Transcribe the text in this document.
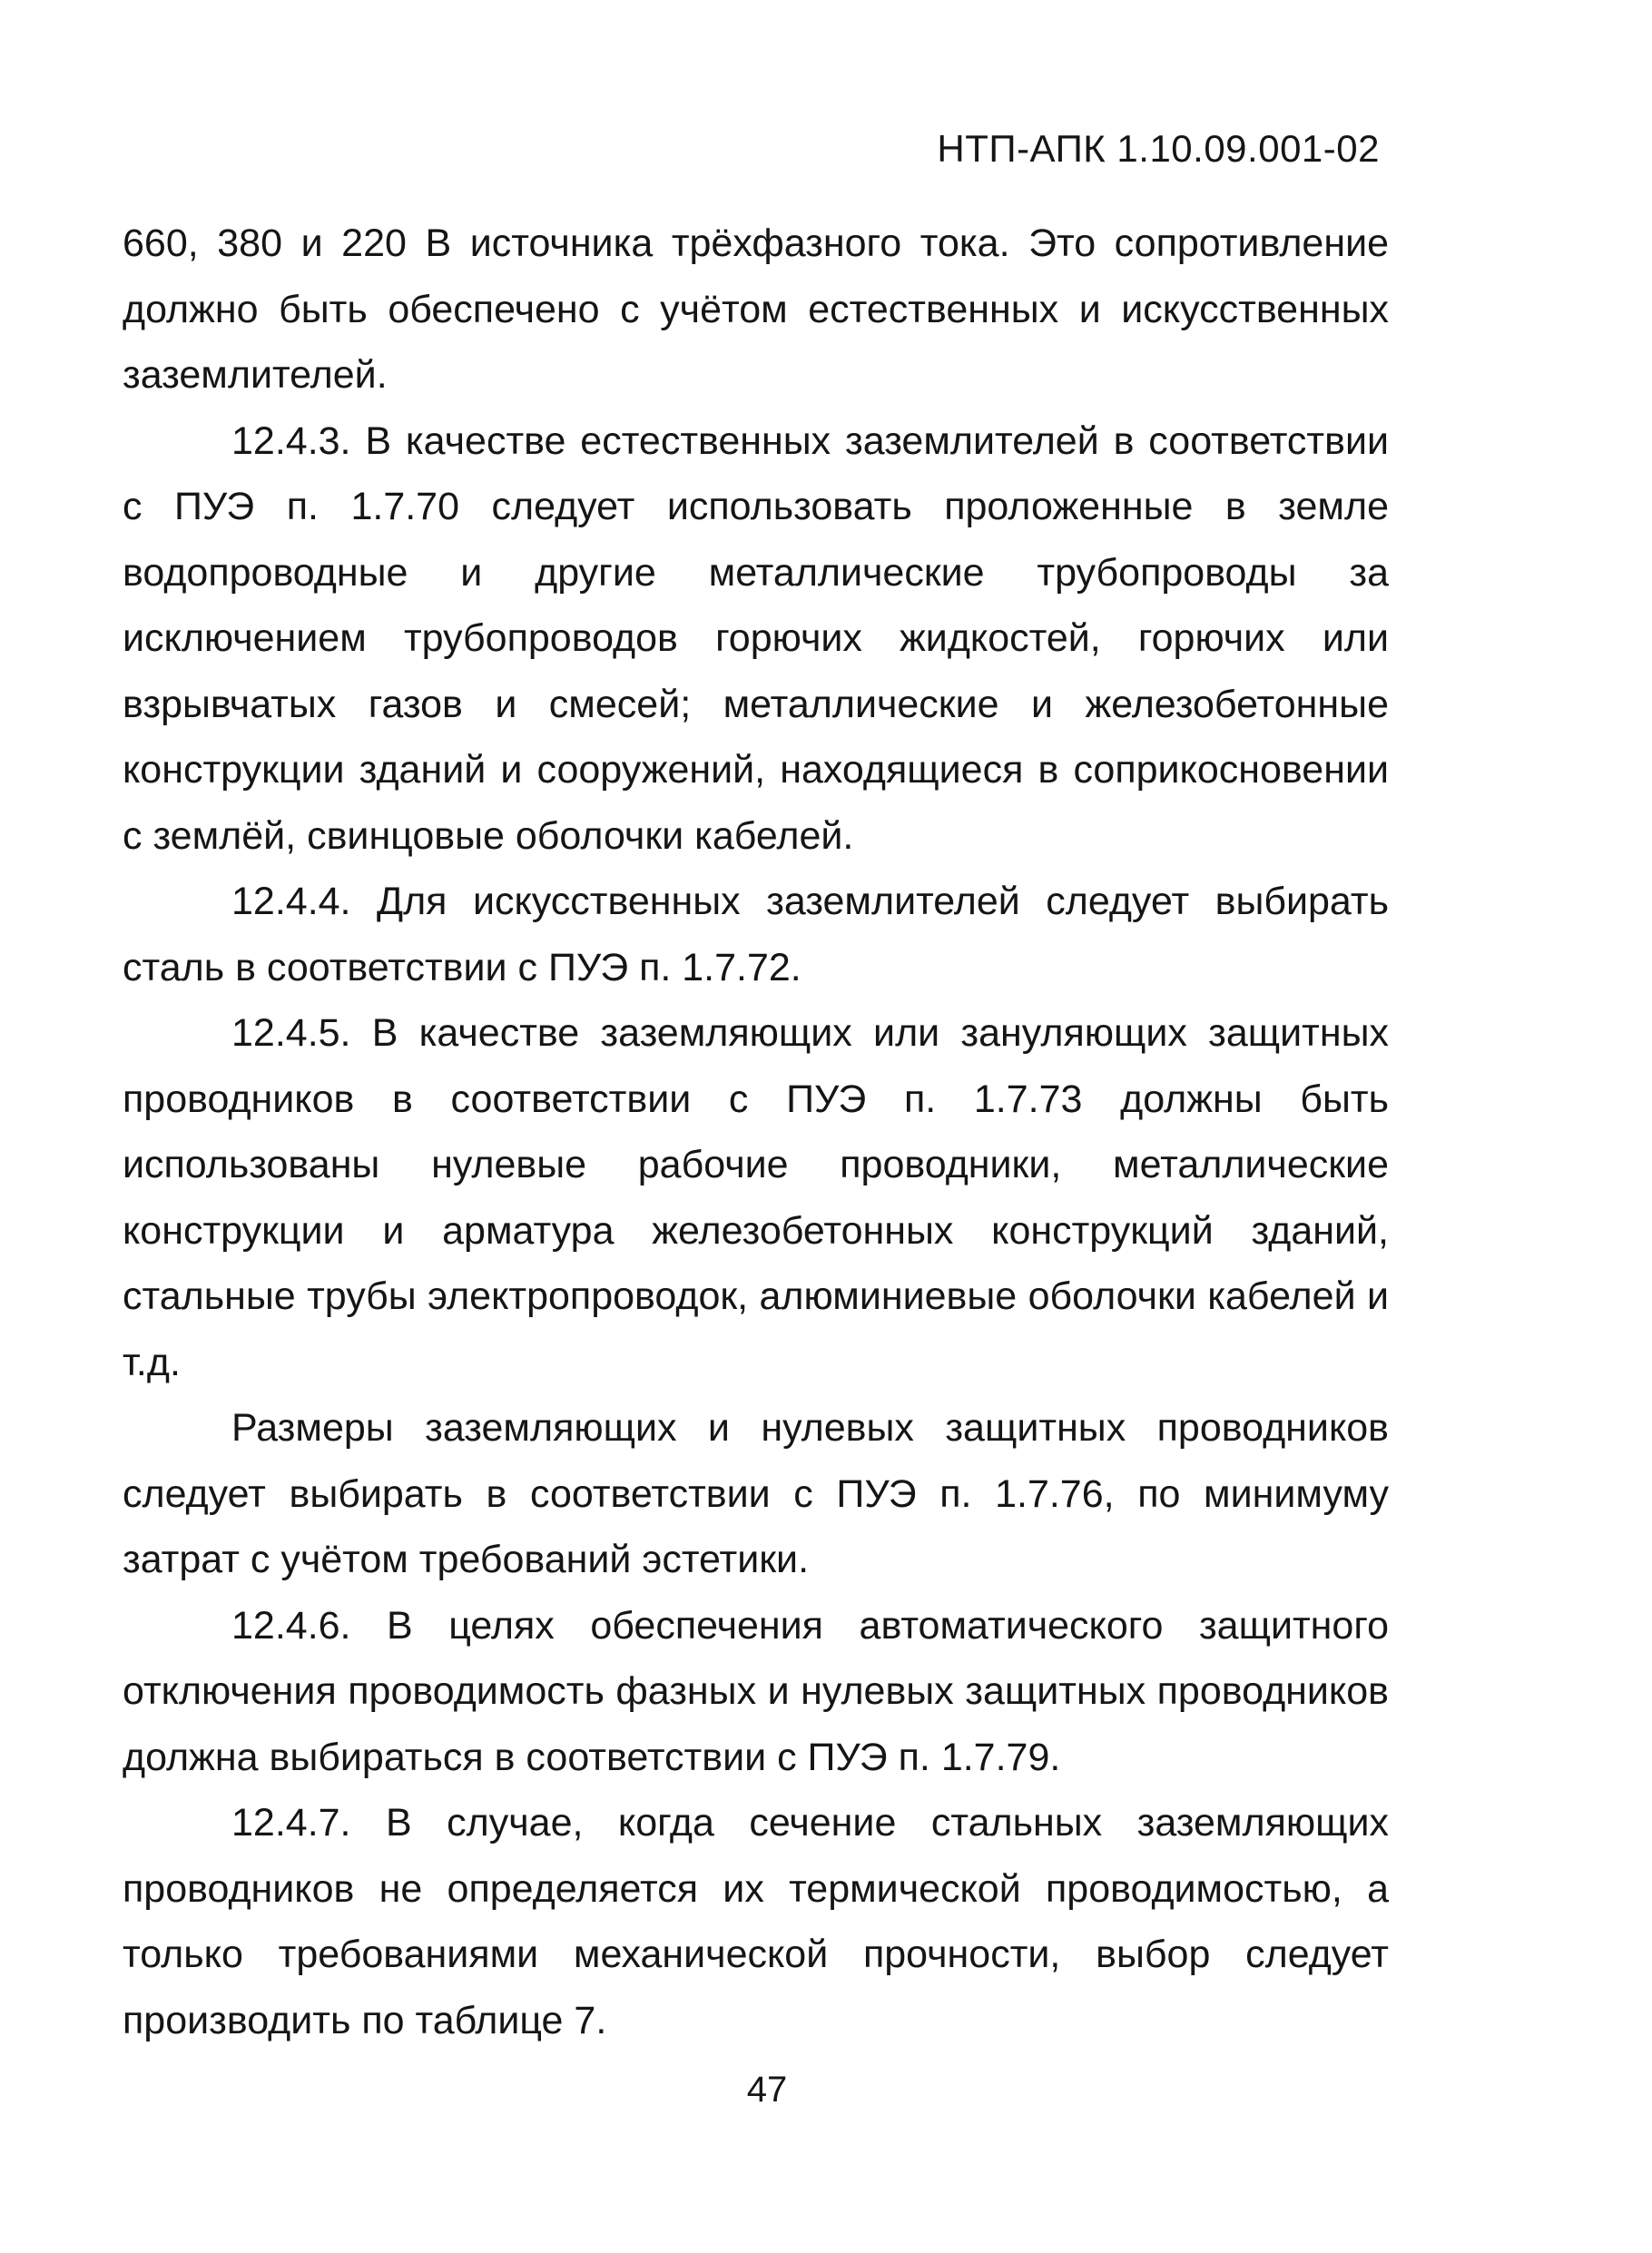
НТП-АПК 1.10.09.001-02

660, 380 и 220 В источника трёхфазного тока. Это сопротивление должно быть обеспечено с учётом естественных и искусственных заземлителей.

12.4.3. В качестве естественных заземлителей в соответствии с ПУЭ п. 1.7.70 следует использовать проложенные в земле водопроводные и другие металлические трубопроводы за исключением трубопроводов горючих жидкостей, горючих или взрывчатых газов и смесей; металлические и железобетонные конструкции зданий и сооружений, находящиеся в соприкосновении с землёй, свинцовые оболочки кабелей.

12.4.4. Для искусственных заземлителей следует выбирать сталь в соответствии с ПУЭ п. 1.7.72.

12.4.5. В качестве заземляющих или зануляющих защитных проводников в соответствии с ПУЭ п. 1.7.73 должны быть использованы нулевые рабочие проводники, металлические конструкции и арматура железобетонных конструкций зданий, стальные трубы электропроводок, алюминиевые оболочки кабелей и т.д.

Размеры заземляющих и нулевых защитных проводников следует выбирать в соответствии с ПУЭ п. 1.7.76, по минимуму затрат с учётом требований эстетики.

12.4.6. В целях обеспечения автоматического защитного отключения проводимость фазных и нулевых защитных проводников должна выбираться в соответствии с ПУЭ п. 1.7.79.

12.4.7. В случае, когда сечение стальных заземляющих проводников не определяется их термической проводимостью, а только требованиями механической прочности, выбор следует производить по таблице 7.

47
